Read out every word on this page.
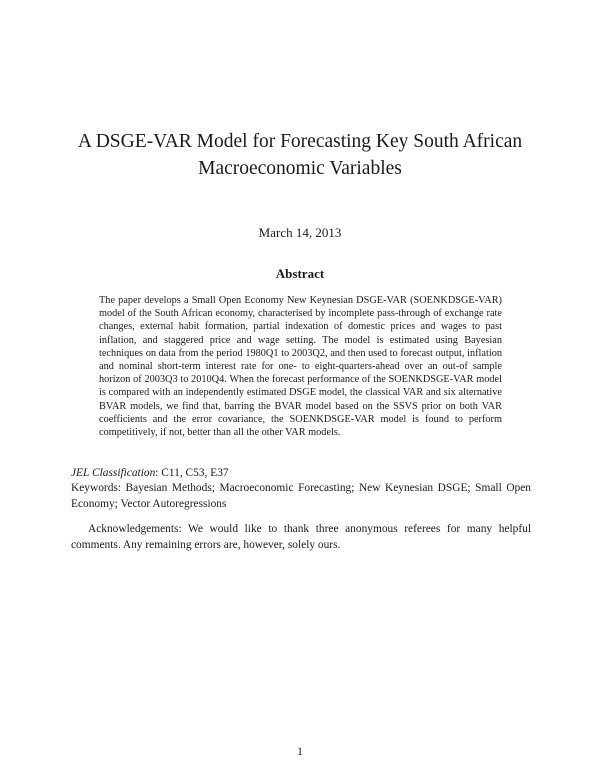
A DSGE-VAR Model for Forecasting Key South African Macroeconomic Variables
March 14, 2013
Abstract
The paper develops a Small Open Economy New Keynesian DSGE-VAR (SOENKDSGE-VAR) model of the South African economy, characterised by incomplete pass-through of exchange rate changes, external habit formation, partial indexation of domestic prices and wages to past inflation, and staggered price and wage setting. The model is estimated using Bayesian techniques on data from the period 1980Q1 to 2003Q2, and then used to forecast output, inflation and nominal short-term interest rate for one- to eight-quarters-ahead over an out-of sample horizon of 2003Q3 to 2010Q4. When the forecast performance of the SOENKDSGE-VAR model is compared with an independently estimated DSGE model, the classical VAR and six alternative BVAR models, we find that, barring the BVAR model based on the SSVS prior on both VAR coefficients and the error covariance, the SOENKDSGE-VAR model is found to perform competitively, if not, better than all the other VAR models.
JEL Classification: C11, C53, E37
Keywords: Bayesian Methods; Macroeconomic Forecasting; New Keynesian DSGE; Small Open Economy; Vector Autoregressions
Acknowledgements: We would like to thank three anonymous referees for many helpful comments. Any remaining errors are, however, solely ours.
1
